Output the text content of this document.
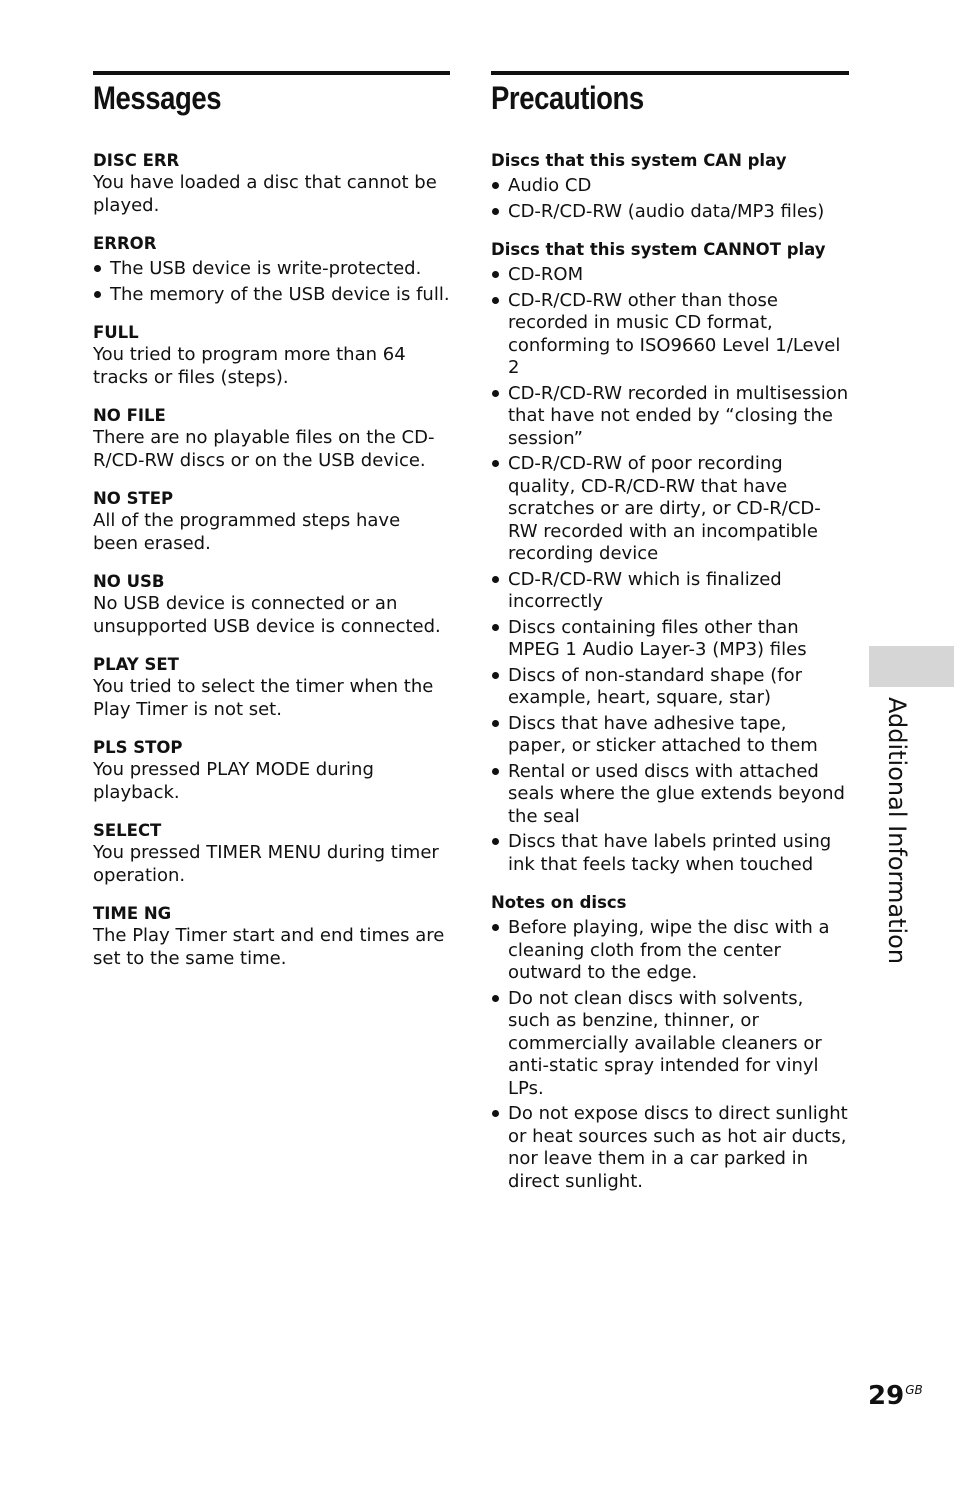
Messages
DISC ERR
You have loaded a disc that cannot be played.
ERROR
The USB device is write-protected.
The memory of the USB device is full.
FULL
You tried to program more than 64 tracks or files (steps).
NO FILE
There are no playable files on the CD-R/CD-RW discs or on the USB device.
NO STEP
All of the programmed steps have been erased.
NO USB
No USB device is connected or an unsupported USB device is connected.
PLAY SET
You tried to select the timer when the Play Timer is not set.
PLS STOP
You pressed PLAY MODE during playback.
SELECT
You pressed TIMER MENU during timer operation.
TIME NG
The Play Timer start and end times are set to the same time.
Precautions
Discs that this system CAN play
Audio CD
CD-R/CD-RW (audio data/MP3 files)
Discs that this system CANNOT play
CD-ROM
CD-R/CD-RW other than those recorded in music CD format, conforming to ISO9660 Level 1/Level 2
CD-R/CD-RW recorded in multisession that have not ended by “closing the session”
CD-R/CD-RW of poor recording quality, CD-R/CD-RW that have scratches or are dirty, or CD-R/CD-RW recorded with an incompatible recording device
CD-R/CD-RW which is finalized incorrectly
Discs containing files other than MPEG 1 Audio Layer-3 (MP3) files
Discs of non-standard shape (for example, heart, square, star)
Discs that have adhesive tape, paper, or sticker attached to them
Rental or used discs with attached seals where the glue extends beyond the seal
Discs that have labels printed using ink that feels tacky when touched
Notes on discs
Before playing, wipe the disc with a cleaning cloth from the center outward to the edge.
Do not clean discs with solvents, such as benzine, thinner, or commercially available cleaners or anti-static spray intended for vinyl LPs.
Do not expose discs to direct sunlight or heat sources such as hot air ducts, nor leave them in a car parked in direct sunlight.
Additional Information
$29^{GB}$
